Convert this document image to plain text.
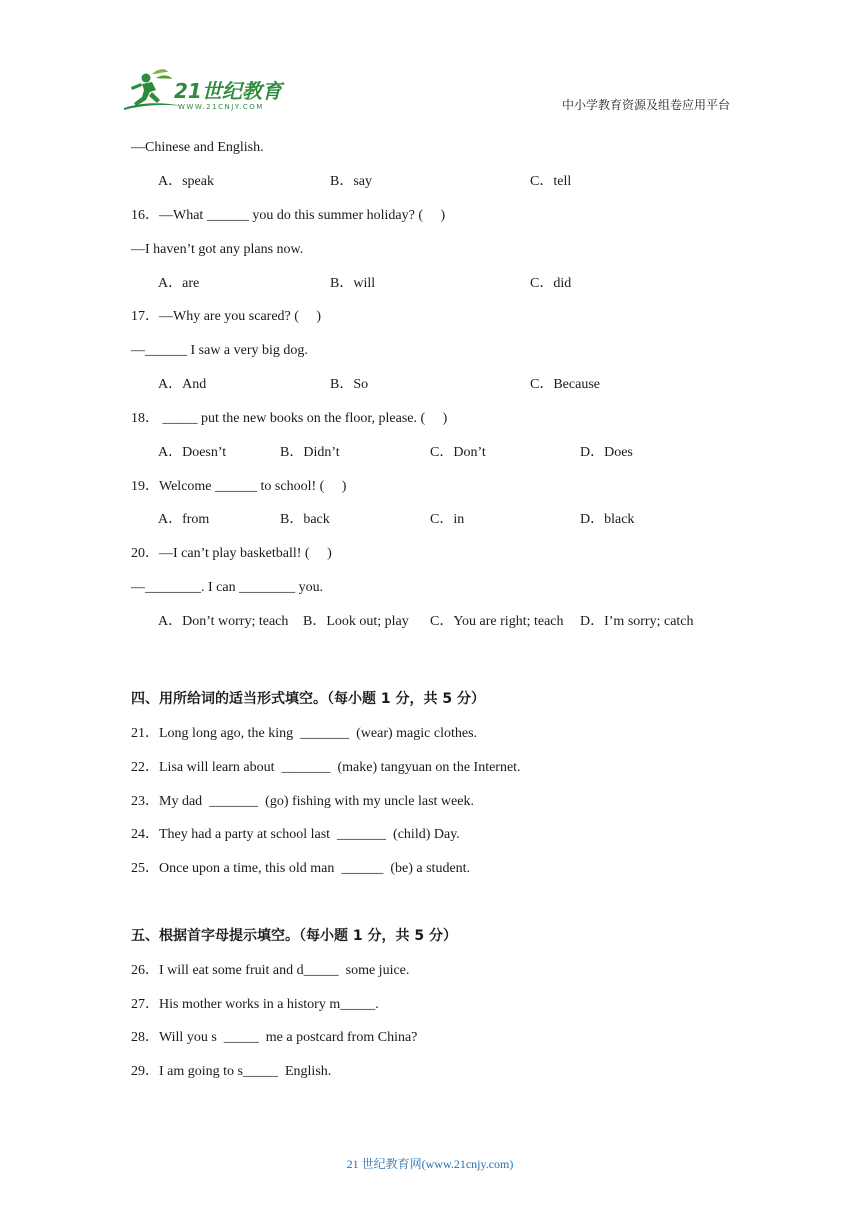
21世纪教育
WWW.21CNJY.COM	中小学教育资源及组卷应用平台
—Chinese and English.
A．speak	B．say	C．tell
16．—What ______ you do this summer holiday? (     )
—I haven’t got any plans now.
A．are	B．will	C．did
17．—Why are you scared? (     )
—______ I saw a very big dog.
A．And	B．So	C．Because
18． _____ put the new books on the floor, please. (     )
A．Doesn’t	B．Didn’t	C．Don’t	D．Does
19．Welcome ______ to school! (     )
A．from	B．back	C．in	D．black
20．—I can’t play basketball! (     )
—________. I can ________ you.
A．Don’t worry; teach B．Look out; play C．You are right; teach D．I’m sorry; catch
四、用所给词的适当形式填空。（每小题 1 分，共 5 分）
21．Long long ago, the king  _______  (wear) magic clothes.
22．Lisa will learn about  _______  (make) tangyuan on the Internet.
23．My dad  _______  (go) fishing with my uncle last week.
24．They had a party at school last  _______  (child) Day.
25．Once upon a time, this old man  ______  (be) a student.
五、根据首字母提示填空。（每小题 1 分，共 5 分）
26．I will eat some fruit and d_____  some juice.
27．His mother works in a history m_____.
28．Will you s  _____  me a postcard from China?
29．I am going to s_____  English.
21 世纪教育网(www.21cnjy.com)
